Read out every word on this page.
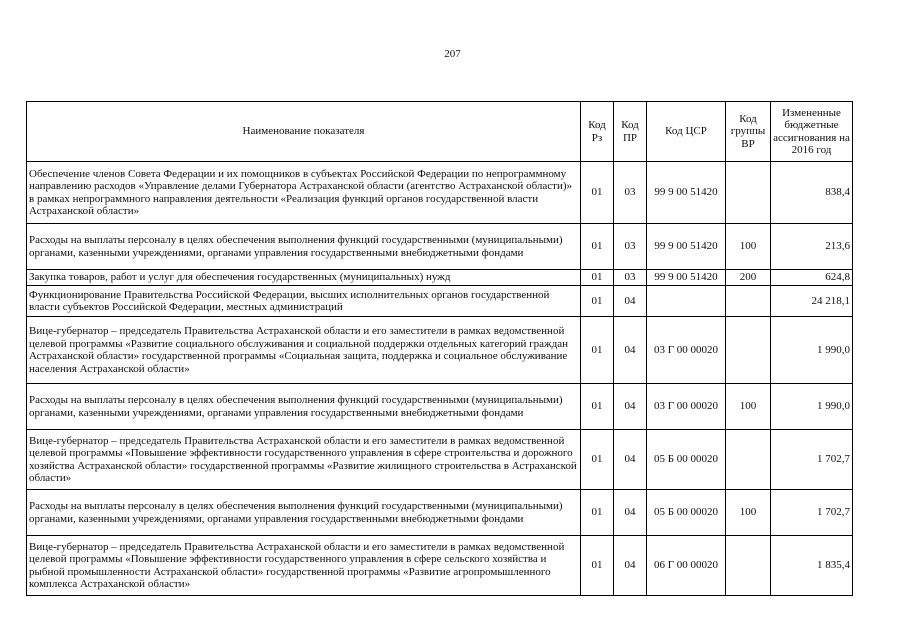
207
Наименование показателя	Код Рз	Код ПР	Код ЦСР	Код группы ВР	Измененные бюджетные ассигнования на 2016 год
Обеспечение членов Совета Федерации и их помощников в субъектах Российской Федерации по непрограммному направлению расходов «Управление делами Губернатора Астраханской области (агентство Астраханской области)» в рамках непрограммного направления деятельности «Реализация функций органов государственной власти Астраханской области»	01	03	99 9 00 51420		838,4
Расходы на выплаты персоналу в целях обеспечения выполнения функций государственными (муниципальными) органами, казенными учреждениями, органами управления государственными внебюджетными фондами	01	03	99 9 00 51420	100	213,6
Закупка товаров, работ и услуг для обеспечения государственных (муниципальных) нужд	01	03	99 9 00 51420	200	624,8
Функционирование Правительства Российской Федерации, высших исполнительных органов государственной власти субъектов Российской Федерации, местных администраций	01	04			24 218,1
Вице-губернатор – председатель Правительства Астраханской области и его заместители в рамках ведомственной целевой программы «Развитие социального обслуживания и социальной поддержки отдельных категорий граждан Астраханской области» государственной программы «Социальная защита, поддержка и социальное обслуживание населения Астраханской области»	01	04	03 Г 00 00020		1 990,0
Расходы на выплаты персоналу в целях обеспечения выполнения функций государственными (муниципальными) органами, казенными учреждениями, органами управления государственными внебюджетными фондами	01	04	03 Г 00 00020	100	1 990,0
Вице-губернатор – председатель Правительства Астраханской области и его заместители в рамках ведомственной целевой программы «Повышение эффективности государственного управления в сфере строительства и дорожного хозяйства Астраханской области» государственной программы «Развитие жилищного строительства в Астраханской области»	01	04	05 Б 00 00020		1 702,7
Расходы на выплаты персоналу в целях обеспечения выполнения функций государственными (муниципальными) органами, казенными учреждениями, органами управления государственными внебюджетными фондами	01	04	05 Б 00 00020	100	1 702,7
Вице-губернатор – председатель Правительства Астраханской области и его заместители в рамках ведомственной целевой программы «Повышение эффективности государственного управления в сфере сельского хозяйства и рыбной промышленности Астраханской области» государственной программы «Развитие агропромышленного комплекса Астраханской области»	01	04	06 Г 00 00020		1 835,4
